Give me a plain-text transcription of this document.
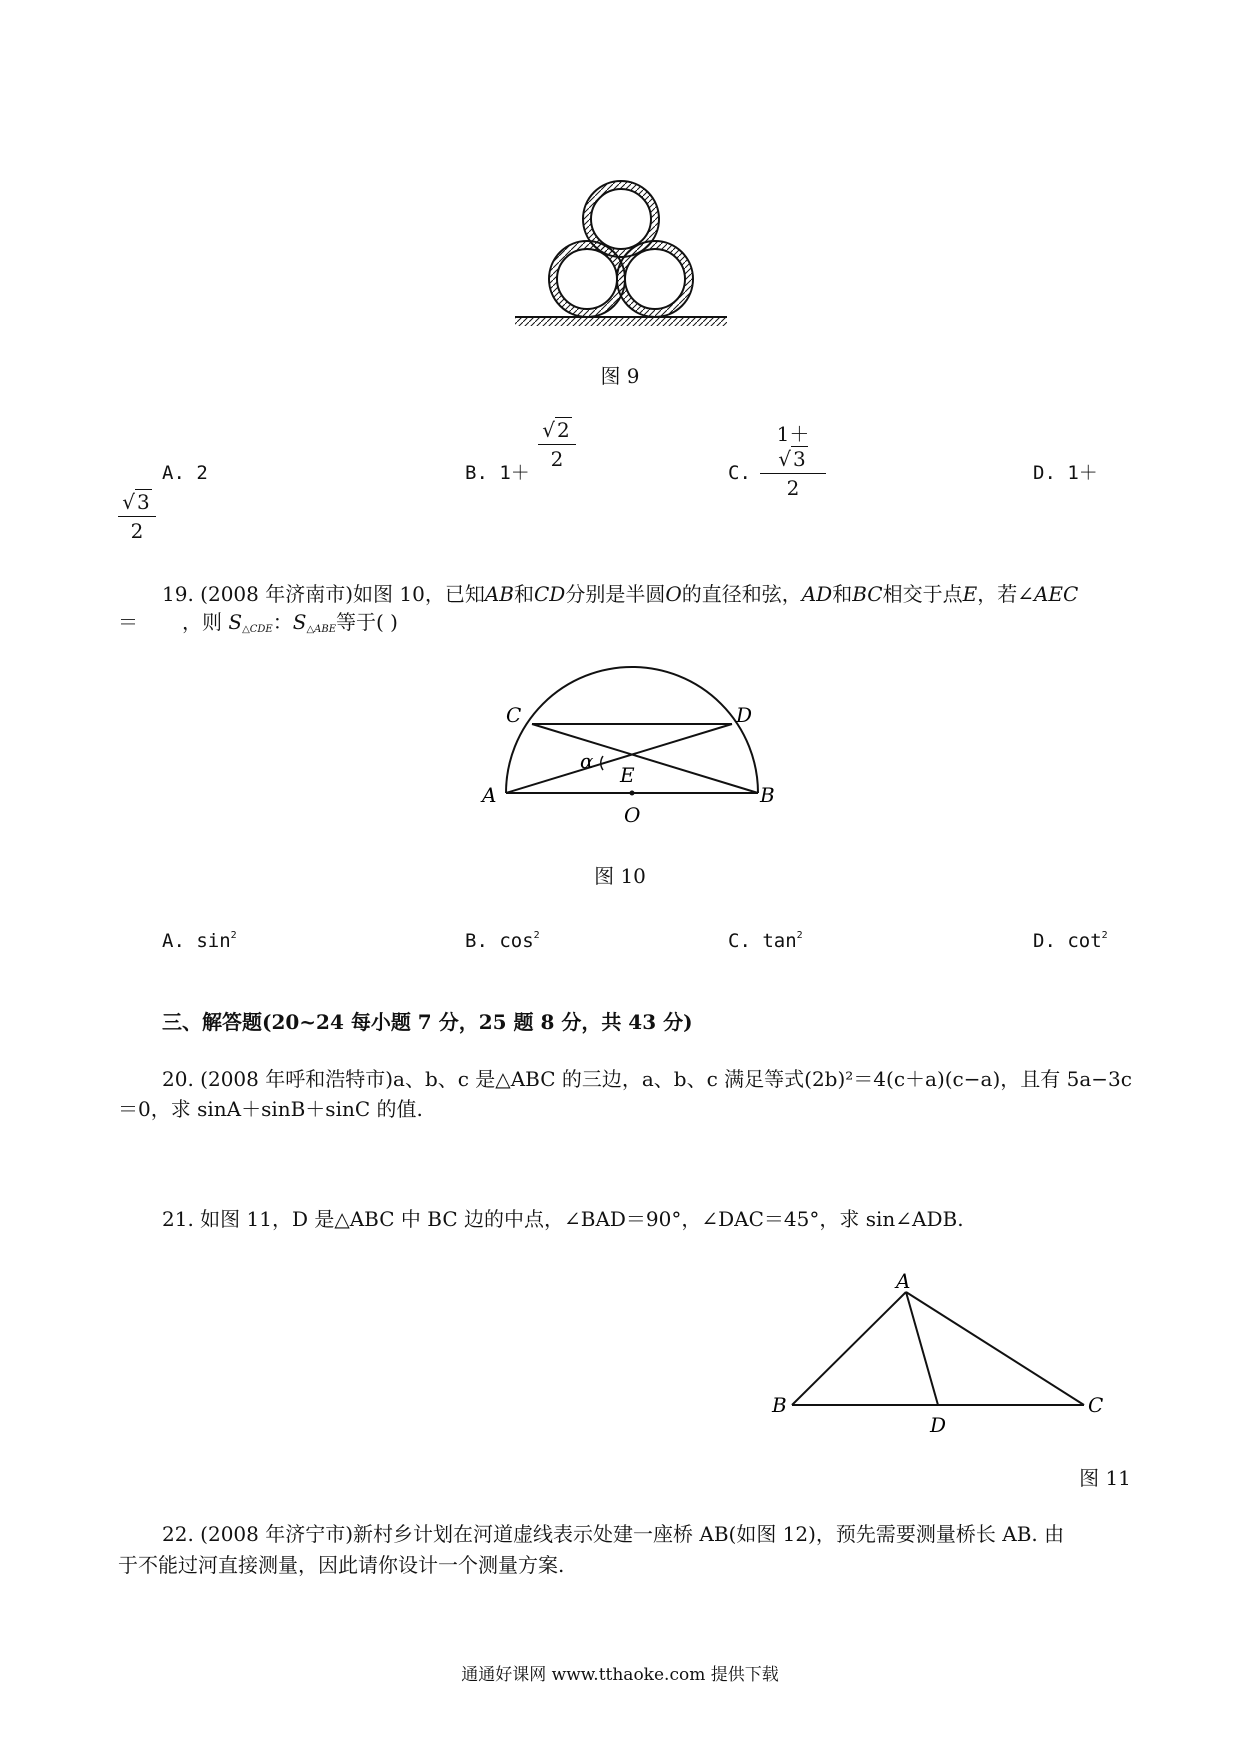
图 9
A. 2	B. 1＋
$\frac{√ 2}{2}$
C. $\frac{1+√ 3}{2}$	D. 1＋
$\frac{√ 3}{2}$
19. (2008 年济南市)如图 10，已知AB和CD分别是半圆O的直径和弦，AD和BC相交于点E，若∠AEC
＝ ，则 $S_{\triangle CDE}$：$S_{\triangle ABE}$等于( )
C	D
A	B
E
O
α
图 10
A. $\sin^2$	B. $\cos^2$	C. $\tan^2$	D. $\cot^2$
三、解答题(20~24 每小题 7 分，25 题 8 分，共 43 分)
20. (2008 年呼和浩特市)a、b、c 是△ABC 的三边，a、b、c 满足等式(2b)²＝4(c＋a)(c−a)，且有 5a−3c
＝0，求 sinA＋sinB＋sinC 的值.
21. 如图 11，D 是△ABC 中 BC 边的中点，∠BAD＝90°，∠DAC＝45°，求 sin∠ADB.
A
B	C
D
图 11
22. (2008 年济宁市)新村乡计划在河道虚线表示处建一座桥 AB(如图 12)，预先需要测量桥长 AB. 由
于不能过河直接测量，因此请你设计一个测量方案.
通通好课网 www.tthaoke.com 提供下载
